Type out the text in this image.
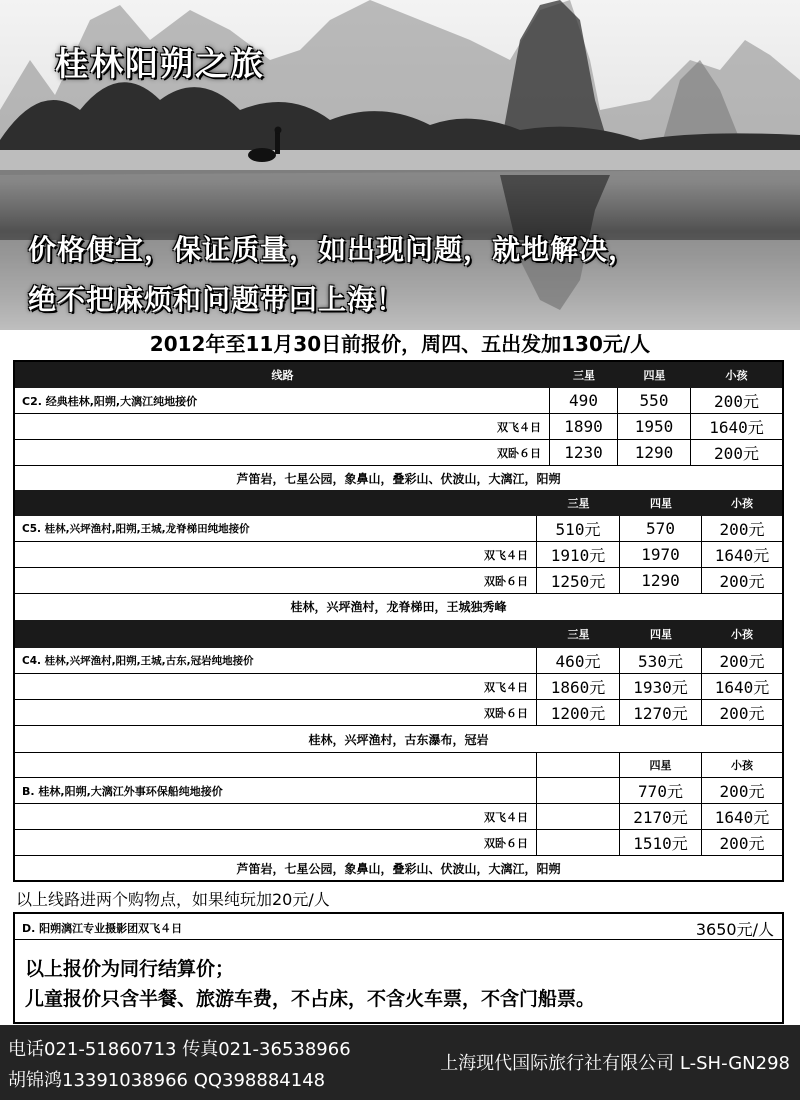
桂林阳朔之旅
价格便宜，保证质量，如出现问题，就地解决，
绝不把麻烦和问题带回上海！
2012年至11月30日前报价，周四、五出发加130元/人
线路	三星	四星	小孩
C2. 经典桂林,阳朔,大漓江纯地接价	490	550	200元
双飞４日	1890	1950	1640元
双卧６日	1230	1290	200元
芦笛岩，七星公园，象鼻山，叠彩山、伏波山，大漓江，阳朔
三星	四星	小孩
C5. 桂林,兴坪渔村,阳朔,王城,龙脊梯田纯地接价	510元	570	200元
双飞４日	1910元	1970	1640元
双卧６日	1250元	1290	200元
桂林，兴坪渔村，龙脊梯田，王城独秀峰
三星	四星	小孩
C4. 桂林,兴坪渔村,阳朔,王城,古东,冠岩纯地接价	460元	530元	200元
双飞４日	1860元	1930元	1640元
双卧６日	1200元	1270元	200元
桂林，兴坪渔村，古东瀑布，冠岩
四星	小孩
B. 桂林,阳朔,大漓江外事环保船纯地接价	770元	200元
双飞４日	2170元	1640元
双卧６日	1510元	200元
芦笛岩，七星公园，象鼻山，叠彩山、伏波山，大漓江，阳朔
以上线路进两个购物点，如果纯玩加20元/人
D. 阳朔漓江专业摄影团双飞４日	3650元/人
以上报价为同行结算价；
儿童报价只含半餐、旅游车费，不占床，不含火车票，不含门船票。
电话021-51860713 传真021-36538966
胡锦鸿13391038966 QQ398884148
上海现代国际旅行社有限公司 L-SH-GN298
